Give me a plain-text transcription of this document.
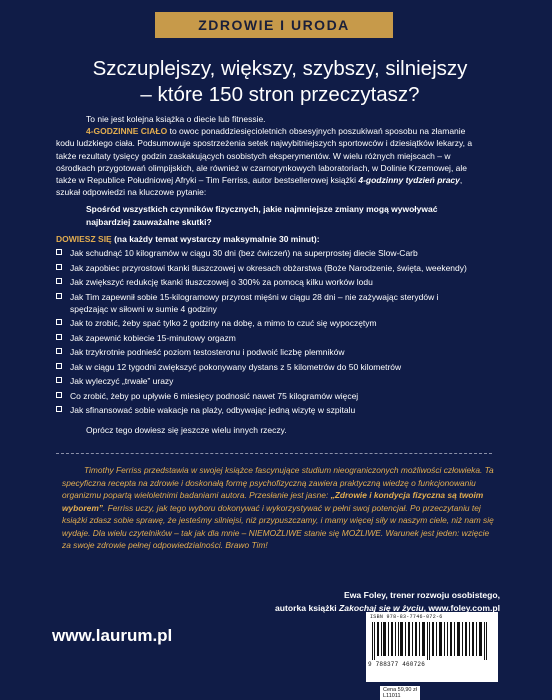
ZDROWIE I URODA
Szczuplejszy, większy, szybszy, silniejszy
– które 150 stron przeczytasz?

To nie jest kolejna książka o diecie lub fitnessie.

4-GODZINNE CIAŁO to owoc ponaddziesięcioletnich obsesyjnych poszukiwań sposobu na złamanie kodu ludzkiego ciała. Podsumowuje spostrzeżenia setek najwybitniejszych sportowców i dziesiątków lekarzy, a także rezultaty tysięcy godzin zaskakujących osobistych eksperymentów. W wielu różnych miejscach – w ośrodkach przygotowań olimpijskich, ale również w czarnorynkowych laboratoriach, w Dolinie Krzemowej, ale także w Republice Południowej Afryki – Tim Ferriss, autor bestsellerowej książki 4-godzinny tydzień pracy, szukał odpowiedzi na kluczowe pytanie:

Spośród wszystkich czynników fizycznych, jakie najmniejsze zmiany mogą wywoływać najbardziej zauważalne skutki?

DOWIESZ SIĘ (na każdy temat wystarczy maksymalnie 30 minut):

Jak schudnąć 10 kilogramów w ciągu 30 dni (bez ćwiczeń) na superprostej diecie Slow-Carb
Jak zapobiec przyrostowi tkanki tłuszczowej w okresach obżarstwa (Boże Narodzenie, święta, weekendy)
Jak zwiększyć redukcję tkanki tłuszczowej o 300% za pomocą kilku worków lodu
Jak Tim zapewnił sobie 15-kilogramowy przyrost mięśni w ciągu 28 dni – nie zażywając sterydów i spędzając w siłowni w sumie 4 godziny
Jak to zrobić, żeby spać tylko 2 godziny na dobę, a mimo to czuć się wypoczętym
Jak zapewnić kobiecie 15-minutowy orgazm
Jak trzykrotnie podnieść poziom testosteronu i podwoić liczbę plemników
Jak w ciągu 12 tygodni zwiększyć pokonywany dystans z 5 kilometrów do 50 kilometrów
Jak wyleczyć „trwałe” urazy
Co zrobić, żeby po upływie 6 miesięcy podnosić nawet 75 kilogramów więcej
Jak sfinansować sobie wakacje na plaży, odbywając jedną wizytę w szpitalu

Oprócz tego dowiesz się jeszcze wielu innych rzeczy.

Timothy Ferriss przedstawia w swojej książce fascynujące studium nieograniczonych możliwości człowieka. Ta specyficzna recepta na zdrowie i doskonałą formę psychofizyczną zawiera praktyczną wiedzę o funkcjonowaniu organizmu popartą wieloletnimi badaniami autora. Przesłanie jest jasne: „Zdrowie i kondycja fizyczna są twoim wyborem”. Ferriss uczy, jak tego wyboru dokonywać i wykorzystywać w pełni swoj potencjał. Po przeczytaniu tej książki zdasz sobie sprawę, że jesteśmy silniejsi, niż przypuszczamy, i mamy więcej siły w naszym ciele, niż nam się wydaje. Dla wielu czytelników – tak jak dla mnie – NIEMOŻLIWE stanie się MOŻLIWE. Warunek jest jeden: wzięcie za swoje zdrowie pełnej odpowiedzialności. Brawo Tim!

Ewa Foley, trener rozwoju osobistego,
autorka książki Zakochaj się w życiu, www.foley.com.pl
www.laurum.pl
ISBN 978-83-7746-072-6
9 788377 460726
Cena 59,90 zł
L11011
